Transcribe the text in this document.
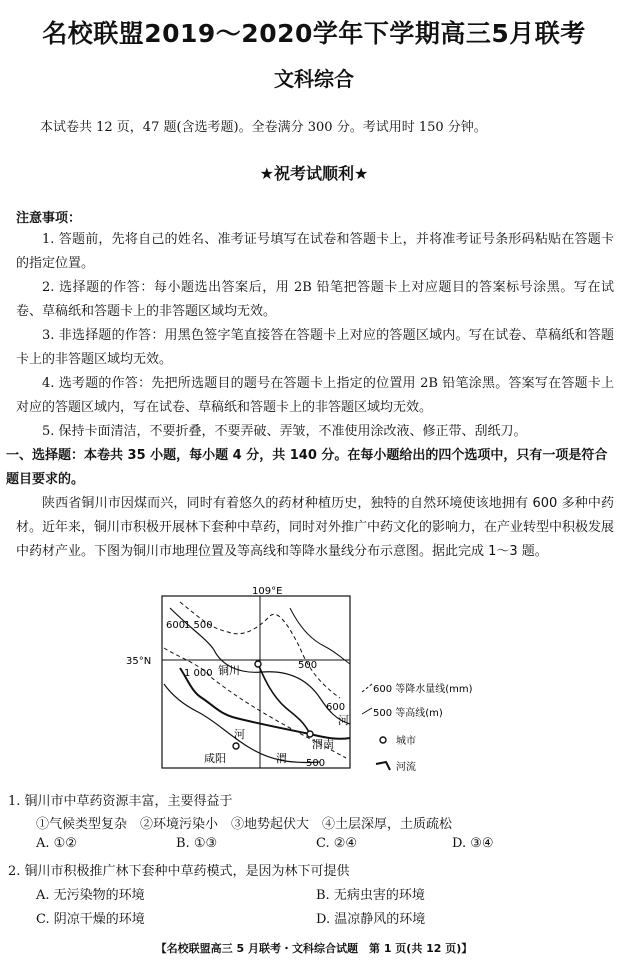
名校联盟2019～2020学年下学期高三5月联考
文科综合
本试卷共 12 页，47 题(含选考题)。全卷满分 300 分。考试用时 150 分钟。
★祝考试顺利★
注意事项：
1. 答题前，先将自己的姓名、准考证号填写在试卷和答题卡上，并将准考证号条形码粘贴在答题卡的指定位置。
2. 选择题的作答：每小题选出答案后，用 2B 铅笔把答题卡上对应题目的答案标号涂黑。写在试卷、草稿纸和答题卡上的非答题区域均无效。
3. 非选择题的作答：用黑色签字笔直接答在答题卡上对应的答题区域内。写在试卷、草稿纸和答题卡上的非答题区域均无效。
4. 选考题的作答：先把所选题目的题号在答题卡上指定的位置用 2B 铅笔涂黑。答案写在答题卡上对应的答题区域内，写在试卷、草稿纸和答题卡上的非答题区域均无效。
5. 保持卡面清洁，不要折叠，不要弄破、弄皱，不准使用涂改液、修正带、刮纸刀。
一、选择题：本卷共 35 小题，每小题 4 分，共 140 分。在每小题给出的四个选项中，只有一项是符合题目要求的。
陕西省铜川市因煤而兴，同时有着悠久的药材种植历史，独特的自然环境使该地拥有 600 多种中药材。近年来，铜川市积极开展林下套种中草药，同时对外推广中药文化的影响力，在产业转型中积极发展中药材产业。下图为铜川市地理位置及等高线和等降水量线分布示意图。据此完成 1～3 题。
109°E
35°N
600
1 500
1 000 铜川	500
600
河
河
渭南
咸阳	渭 500
600 等降水量线(mm)
500 等高线(m)
城市
河流
1. 铜川市中草药资源丰富，主要得益于
①气候类型复杂　②环境污染小　③地势起伏大　④土层深厚，土质疏松
A. ①②	B. ①③	C. ②④	D. ③④
2. 铜川市积极推广林下套种中草药模式，是因为林下可提供
A. 无污染物的环境	B. 无病虫害的环境
C. 阴凉干燥的环境	D. 温凉静风的环境
【名校联盟高三 5 月联考・文科综合试题　第 1 页(共 12 页)】
